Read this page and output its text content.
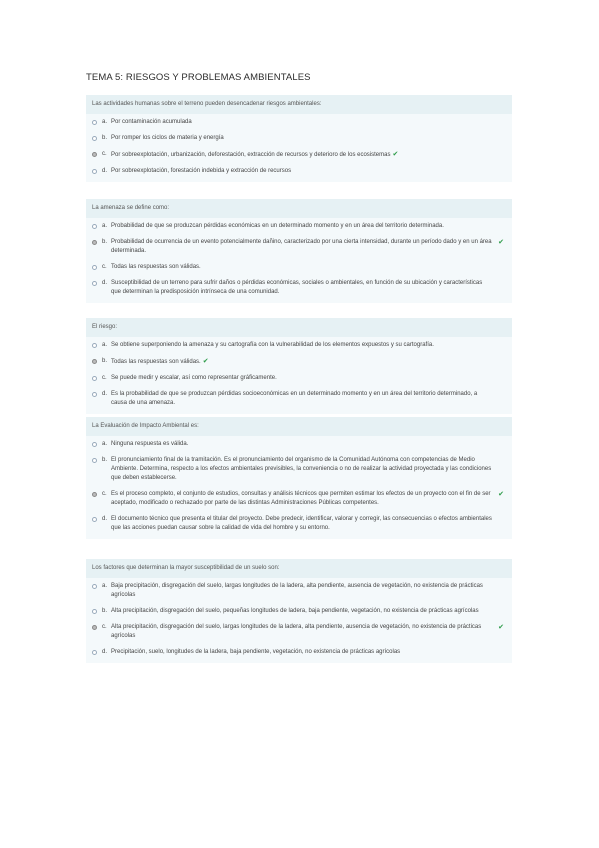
TEMA 5: RIESGOS Y PROBLEMAS AMBIENTALES
Las actividades humanas sobre el terreno pueden desencadenar riesgos ambientales:
a. Por contaminación acumulada
b. Por romper los ciclos de materia y energía
c. Por sobreexplotación, urbanización, deforestación, extracción de recursos y deterioro de los ecosistemas ✔
d. Por sobreexplotación, forestación indebida y extracción de recursos
La amenaza se define como:
a. Probabilidad de que se produzcan pérdidas económicas en un determinado momento y en un área del territorio determinada.
b. Probabilidad de ocurrencia de un evento potencialmente dañino, caracterizado por una cierta intensidad, durante un período dado y en un área determinada.
✔
c. Todas las respuestas son válidas.
d. Susceptibilidad de un terreno para sufrir daños o pérdidas económicas, sociales o ambientales, en función de su ubicación y características que determinan la predisposición intrínseca de una comunidad.
El riesgo:
a. Se obtiene superponiendo la amenaza y su cartografía con la vulnerabilidad de los elementos expuestos y su cartografía.
b. Todas las respuestas son válidas. ✔
c. Se puede medir y escalar, así como representar gráficamente.
d. Es la probabilidad de que se produzcan pérdidas socioeconómicas en un determinado momento y en un área del territorio determinado, a causa de una amenaza.
La Evaluación de Impacto Ambiental es:
a. Ninguna respuesta es válida.
b. El pronunciamiento final de la tramitación. Es el pronunciamiento del organismo de la Comunidad Autónoma con competencias de Medio Ambiente. Determina, respecto a los efectos ambientales previsibles, la conveniencia o no de realizar la actividad proyectada y las condiciones que deben establecerse.
c. Es el proceso completo, el conjunto de estudios, consultas y análisis técnicos que permiten estimar los efectos de un proyecto con el fin de ser aceptado, modificado o rechazado por parte de las distintas Administraciones Públicas competentes.
✔
d. El documento técnico que presenta el titular del proyecto. Debe predecir, identificar, valorar y corregir, las consecuencias o efectos ambientales que las acciones puedan causar sobre la calidad de vida del hombre y su entorno.
Los factores que determinan la mayor susceptibilidad de un suelo son:
a. Baja precipitación, disgregación del suelo, largas longitudes de la ladera, alta pendiente, ausencia de vegetación, no existencia de prácticas agrícolas
b. Alta precipitación, disgregación del suelo, pequeñas longitudes de ladera, baja pendiente, vegetación, no existencia de prácticas agrícolas
c. Alta precipitación, disgregación del suelo, largas longitudes de la ladera, alta pendiente, ausencia de vegetación, no existencia de prácticas agrícolas
✔
d. Precipitación, suelo, longitudes de la ladera, baja pendiente, vegetación, no existencia de prácticas agrícolas
